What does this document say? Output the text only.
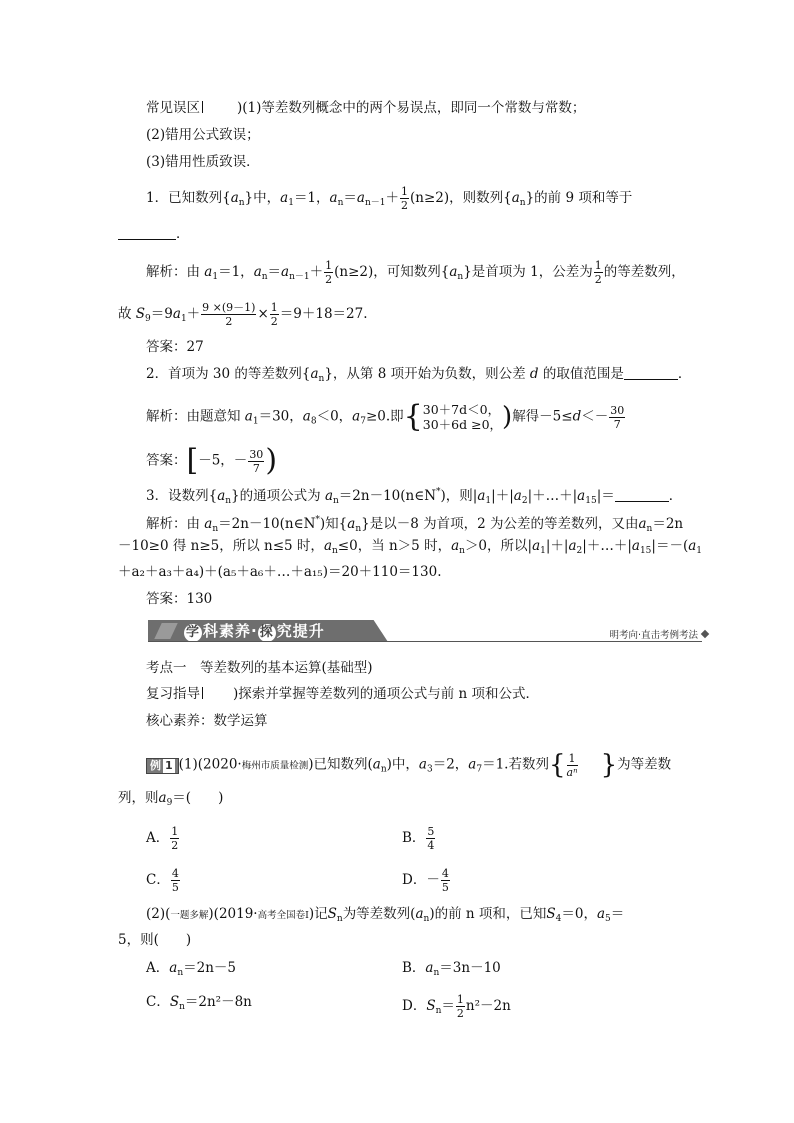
常见误区	)(1)等差数列概念中的两个易误点，即同一个常数与常数；
(2)错用公式致误；
(3)错用性质致误．
1．已知数列$\{a_n\}$中，$a_1=1$，$a_n=a_{n-1}+ \frac{1}{2} (n\ge 2)$，则数列$\{a_n\}$的前 9 项和等于
．
解析：由 $a_1=1$，$a_n=a_{n-1}+ \frac{1}{2} (n\ge 2)$，可知数列$\{a_n\}$是首项为 1，公差为 $\frac{1}{2}$ 的等差数列，
故 $S_9=9a_1+ \frac{9 \times(9-1)}{2} \times \frac{1}{2} =9+18=27$.
答案：27
2．首项为 30 的等差数列$\{a_n\}$，从第 8 项开始为负数，则公差 d 的取值范围是	．
解析：由题意知 $a_1=30$，$a_8<0$，$a_7\ge 0$.即{ 30＋7d＜0，
30＋6d ≥0， )解得$-5\le d<- \frac{30}{7}$
答案：[－5，－ $\frac{30}{7}$ )
3．设数列$\{a_n\}$的通项公式为 $a_n=2n-10(n\in N^*)$，则$|a_1|+|a_2|+\dots+|a_{15}|=$	．
解析：由 $a_n=2n-10(n\in N^*)$知$\{a_n\}$是以－8 为首项，2 为公差的等差数列，又由$a_n=2n$
－10≥0 得 n≥5，所以 n≤5 时，$a_n\le 0$，当 n＞5 时，$a_n>0$，所以$|a_1|+|a_2|+\dots+|a_{15}|=-(a_1$
＋a₂＋a₃＋a₄)＋(a₅＋a₆＋…＋a₁₅)＝20＋110＝130.
答案：130
学 科素养· 探 究提升	明考向·直击考例考法
考点一　等差数列的基本运算(基础型)
复习指导 )探索并掌握等差数列的通项公式与前 n 项和公式．
核心素养：数学运算
例 1 (1)(2020·梅州市质量检测)已知数列$(a_n)$中，$a_3=2$，$a_7=1$.若数列{ $\frac{1}{\text{aⁿ}}$ }为等差数
列，则$a_9=$(　　)
A． $\frac{1}{2}$	B． $\frac{5}{4}$
C． $\frac{4}{5}$	D．－ $\frac{4}{5}$
(2)(一题多解)(2019·高考全国卷Ⅰ)记$S_n$为等差数列$(a_n)$的前 n 项和，已知$S_4=0$，$a_5=$
5，则(　　)
A．$a_n=2n-5$	B．$a_n=3n-10$
C．$S_n=2n^2-8n$	D．$S_n= \frac{1}{2} n^2-2n$
